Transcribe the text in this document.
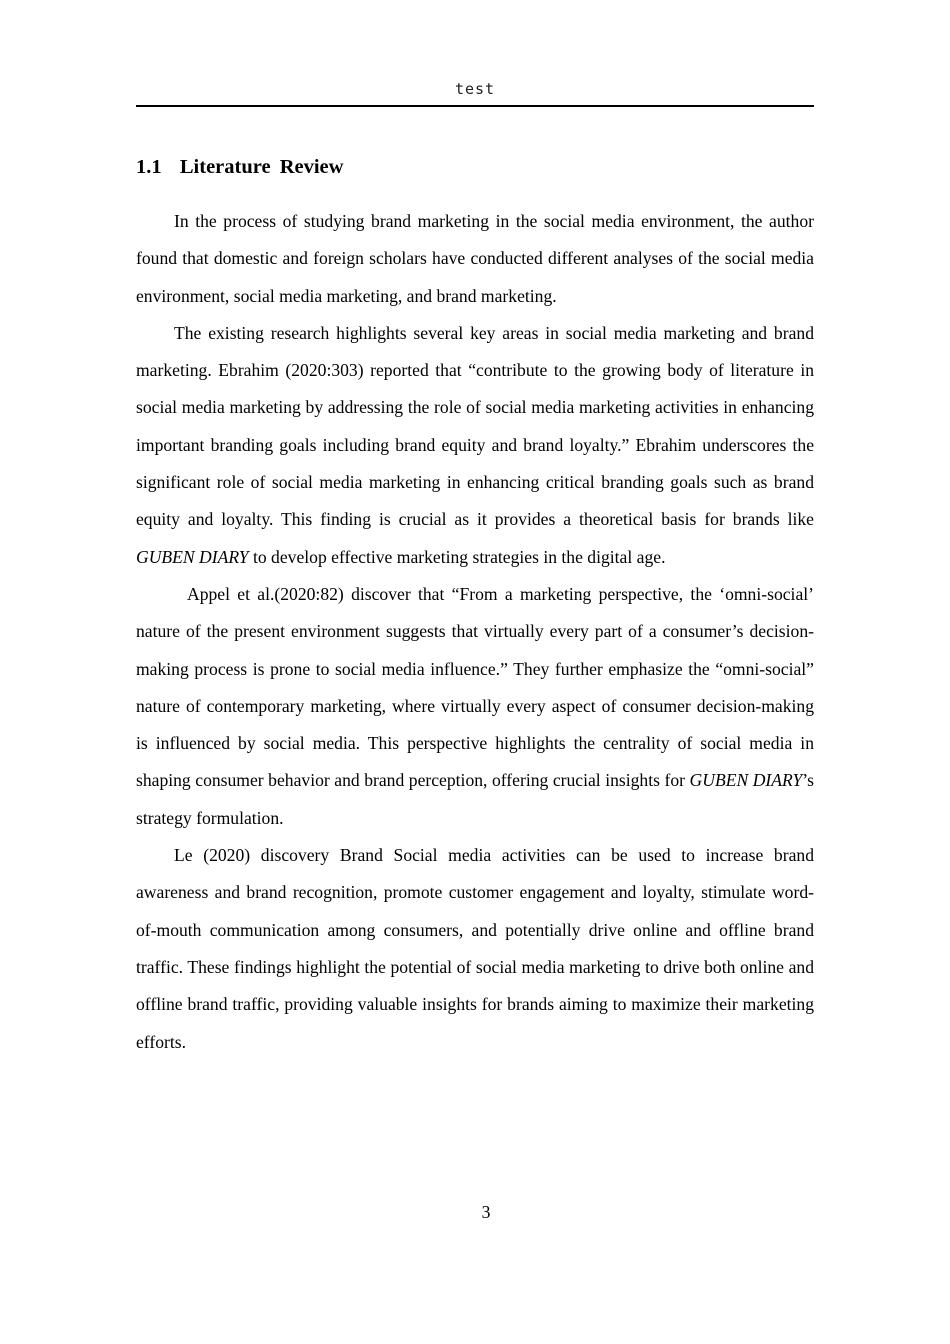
test
1.1 Literature Review

In the process of studying brand marketing in the social media environment, the author found that domestic and foreign scholars have conducted different analyses of the social media environment, social media marketing, and brand marketing.

The existing research highlights several key areas in social media marketing and brand marketing. Ebrahim (2020:303) reported that “contribute to the growing body of literature in social media marketing by addressing the role of social media marketing activities in enhancing important branding goals including brand equity and brand loyalty.” Ebrahim underscores the significant role of social media marketing in enhancing critical branding goals such as brand equity and loyalty. This finding is crucial as it provides a theoretical basis for brands like GUBEN DIARY to develop effective marketing strategies in the digital age.

Appel et al.(2020:82) discover that “From a marketing perspective, the ‘omni-social’ nature of the present environment suggests that virtually every part of a consumer’s decision-making process is prone to social media influence.” They further emphasize the “omni-social” nature of contemporary marketing, where virtually every aspect of consumer decision-making is influenced by social media. This perspective highlights the centrality of social media in shaping consumer behavior and brand perception, offering crucial insights for GUBEN DIARY’s strategy formulation.

Le (2020) discovery Brand Social media activities can be used to increase brand awareness and brand recognition, promote customer engagement and loyalty, stimulate word-of-mouth communication among consumers, and potentially drive online and offline brand traffic. These findings highlight the potential of social media marketing to drive both online and offline brand traffic, providing valuable insights for brands aiming to maximize their marketing efforts.

3
